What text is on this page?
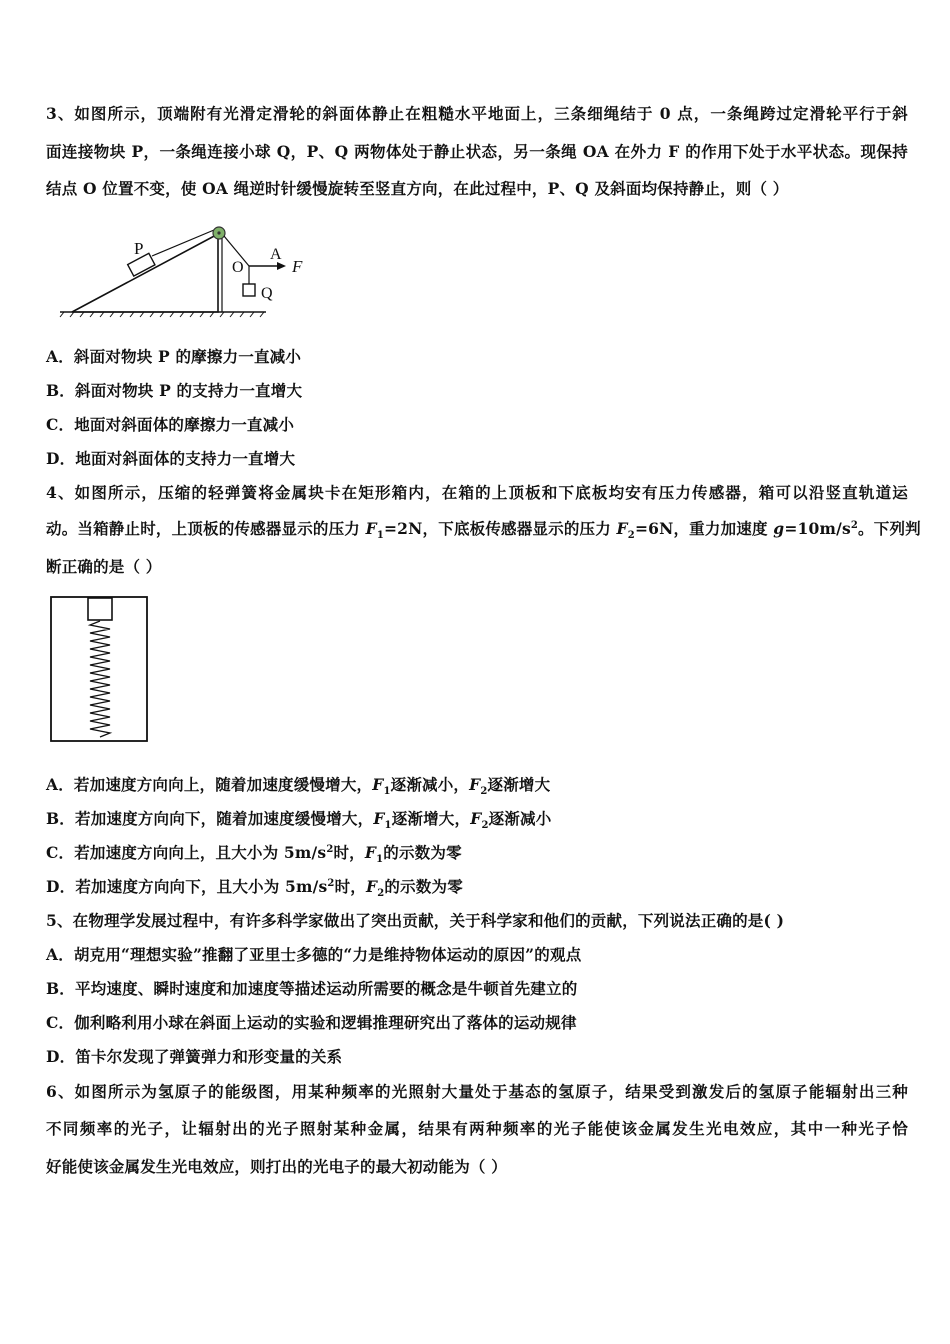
3、如图所示，顶端附有光滑定滑轮的斜面体静止在粗糙水平地面上，三条细绳结于 0 点，一条绳跨过定滑轮平行于斜
面连接物块 P，一条绳连接小球 Q，P、Q 两物体处于静止状态，另一条绳 OA 在外力 F 的作用下处于水平状态。现保持
结点 O 位置不变，使 OA 绳逆时针缓慢旋转至竖直方向，在此过程中，P、Q 及斜面均保持静止，则（ ）
P
O
A
F
Q
A．斜面对物块 P 的摩擦力一直减小
B．斜面对物块 P 的支持力一直增大
C．地面对斜面体的摩擦力一直减小
D．地面对斜面体的支持力一直增大
4、如图所示，压缩的轻弹簧将金属块卡在矩形箱内，在箱的上顶板和下底板均安有压力传感器，箱可以沿竖直轨道运
动。当箱静止时，上顶板的传感器显示的压力 $F_1=2N$，下底板传感器显示的压力 $F_2=6N$，重力加速度 $g=10m/s^2$。下列判
断正确的是（ ）
A．若加速度方向向上，随着加速度缓慢增大，$F_1$逐渐减小，$F_2$逐渐增大
B．若加速度方向向下，随着加速度缓慢增大，$F_1$逐渐增大，$F_2$逐渐减小
C．若加速度方向向上，且大小为 $5m/s^2$时，$F_1$的示数为零
D．若加速度方向向下，且大小为 $5m/s^2$时，$F_2$的示数为零
5、在物理学发展过程中，有许多科学家做出了突出贡献，关于科学家和他们的贡献，下列说法正确的是( )
A．胡克用“理想实验”推翻了亚里士多德的“力是维持物体运动的原因”的观点
B．平均速度、瞬时速度和加速度等描述运动所需要的概念是牛顿首先建立的
C．伽利略利用小球在斜面上运动的实验和逻辑推理研究出了落体的运动规律
D．笛卡尔发现了弹簧弹力和形变量的关系
6、如图所示为氢原子的能级图，用某种频率的光照射大量处于基态的氢原子，结果受到激发后的氢原子能辐射出三种
不同频率的光子，让辐射出的光子照射某种金属，结果有两种频率的光子能使该金属发生光电效应，其中一种光子恰
好能使该金属发生光电效应，则打出的光电子的最大初动能为（ ）
